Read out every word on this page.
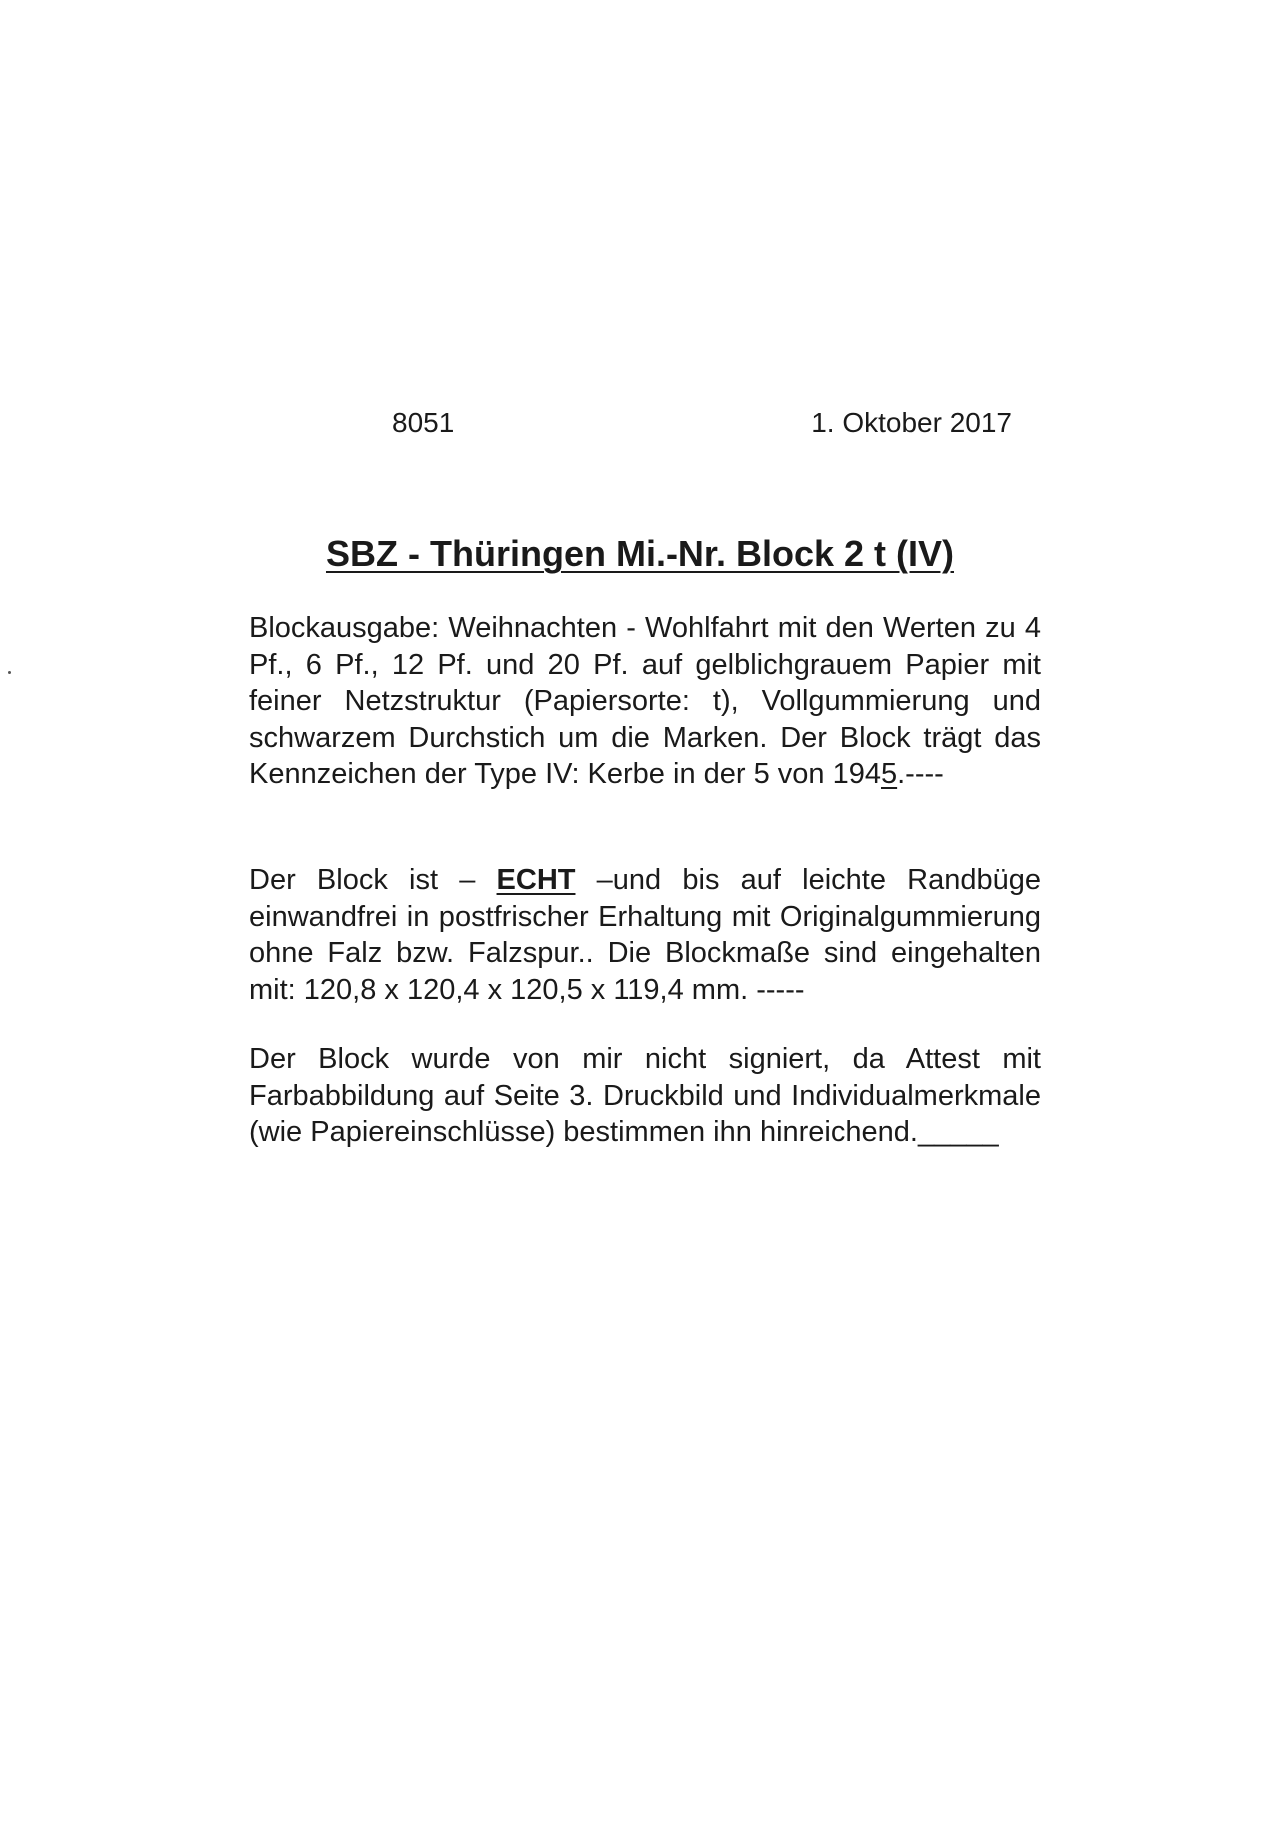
8051	1. Oktober 2017
SBZ - Thüringen Mi.-Nr. Block 2 t (IV)
Blockausgabe: Weihnachten - Wohlfahrt mit den Werten zu 4 Pf., 6 Pf., 12 Pf. und 20 Pf. auf gelblichgrauem Papier mit feiner Netzstruktur (Papiersorte: t), Vollgummierung und schwarzem Durchstich um die Marken. Der Block trägt das Kennzeichen der Type IV: Kerbe in der 5 von 1945.----
Der Block ist – ECHT –und bis auf leichte Randbüge einwandfrei in postfrischer Erhaltung mit Originalgummierung ohne Falz bzw. Falzspur.. Die Blockmaße sind eingehalten mit: 120,8 x 120,4 x 120,5 x 119,4 mm. -----
Der Block wurde von mir nicht signiert, da Attest mit Farbabbildung auf Seite 3. Druckbild und Individualmerkmale (wie Papiereinschlüsse) bestimmen ihn hinreichend._____
